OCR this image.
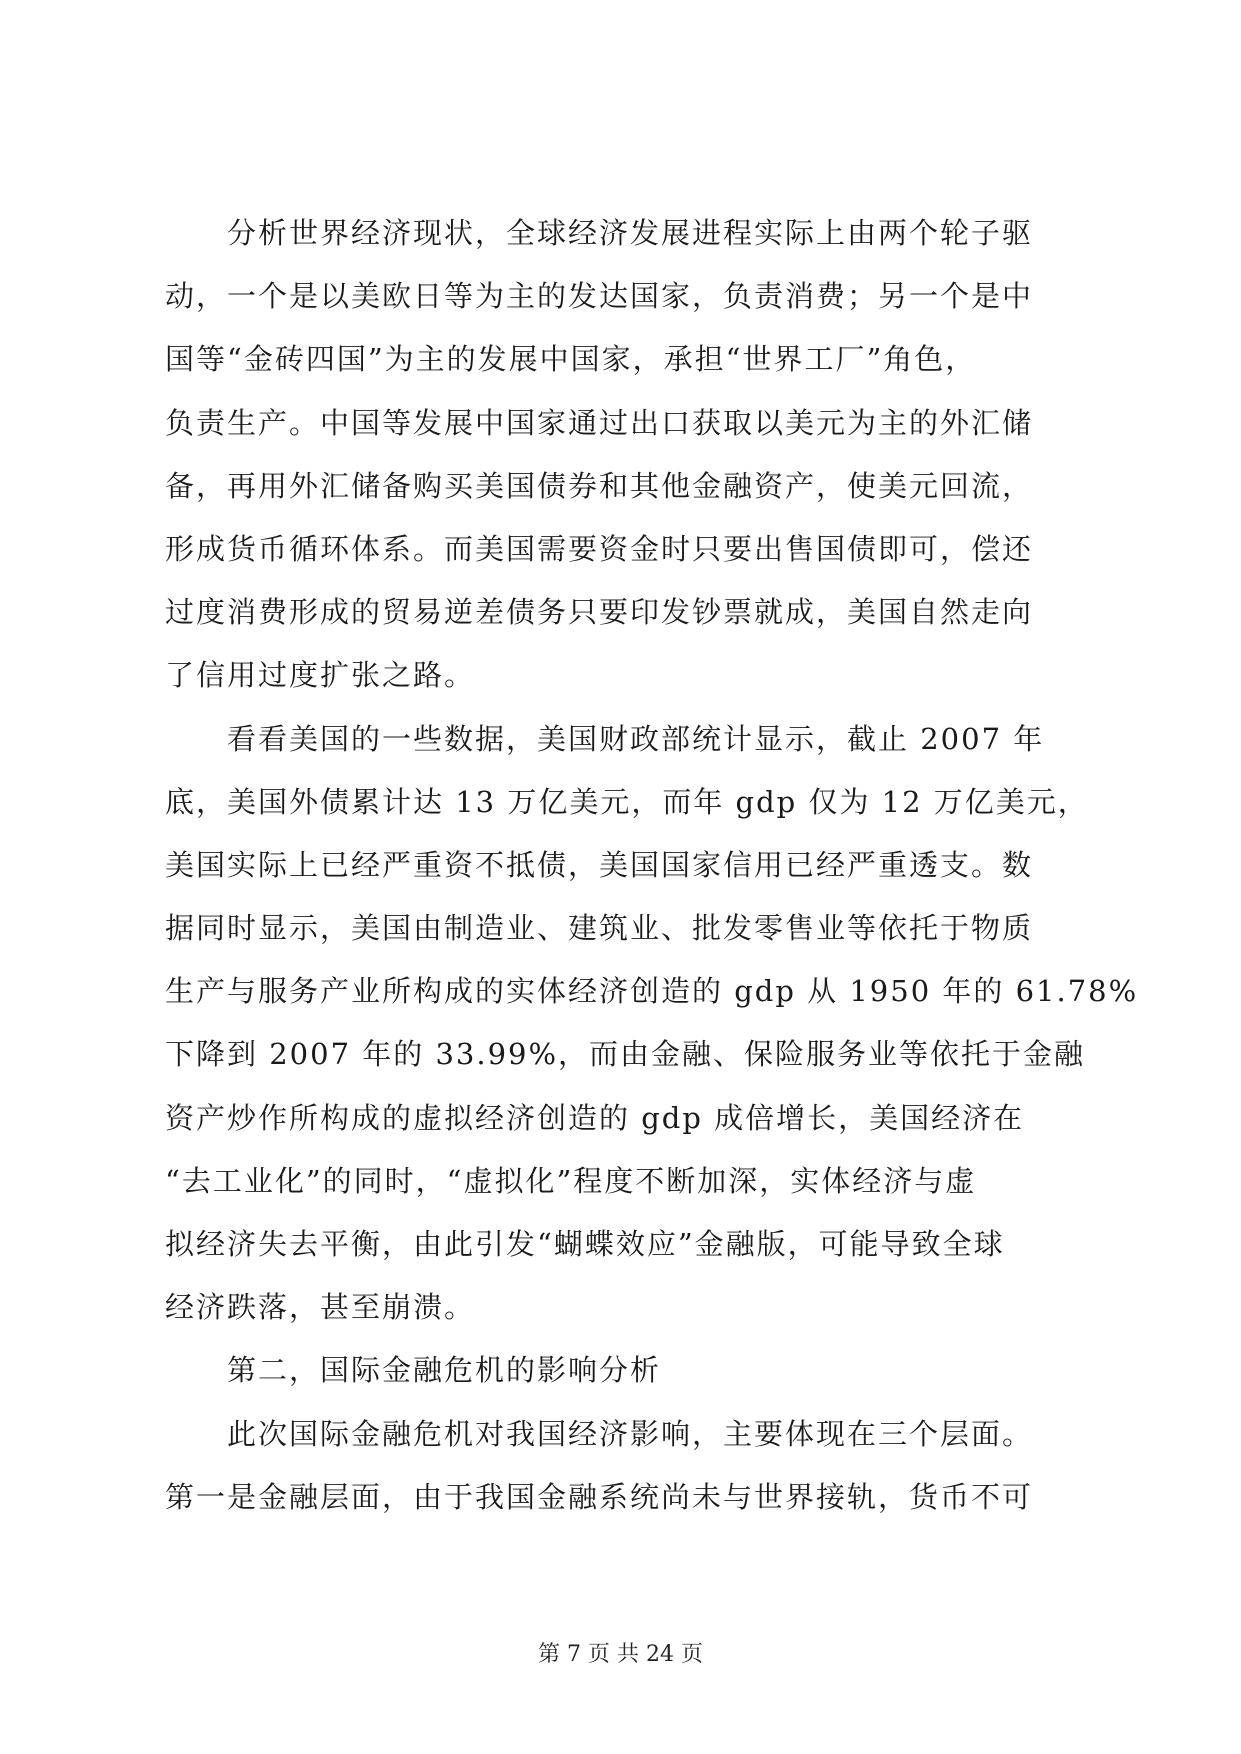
　　分析世界经济现状，全球经济发展进程实际上由两个轮子驱
动，一个是以美欧日等为主的发达国家，负责消费；另一个是中
国等“金砖四国”为主的发展中国家，承担“世界工厂”角色，
负责生产。中国等发展中国家通过出口获取以美元为主的外汇储
备，再用外汇储备购买美国债券和其他金融资产，使美元回流，
形成货币循环体系。而美国需要资金时只要出售国债即可，偿还
过度消费形成的贸易逆差债务只要印发钞票就成，美国自然走向
了信用过度扩张之路。
　　看看美国的一些数据，美国财政部统计显示，截止 2007 年
底，美国外债累计达 13 万亿美元，而年 gdp 仅为 12 万亿美元，
美国实际上已经严重资不抵债，美国国家信用已经严重透支。数
据同时显示，美国由制造业、建筑业、批发零售业等依托于物质
生产与服务产业所构成的实体经济创造的 gdp 从 1950 年的 61.78%
下降到 2007 年的 33.99%，而由金融、保险服务业等依托于金融
资产炒作所构成的虚拟经济创造的 gdp 成倍增长，美国经济在
“去工业化”的同时，“虚拟化”程度不断加深，实体经济与虚
拟经济失去平衡，由此引发“蝴蝶效应”金融版，可能导致全球
经济跌落，甚至崩溃。
　　第二，国际金融危机的影响分析
　　此次国际金融危机对我国经济影响，主要体现在三个层面。
第一是金融层面，由于我国金融系统尚未与世界接轨，货币不可
第 7 页 共 24 页
